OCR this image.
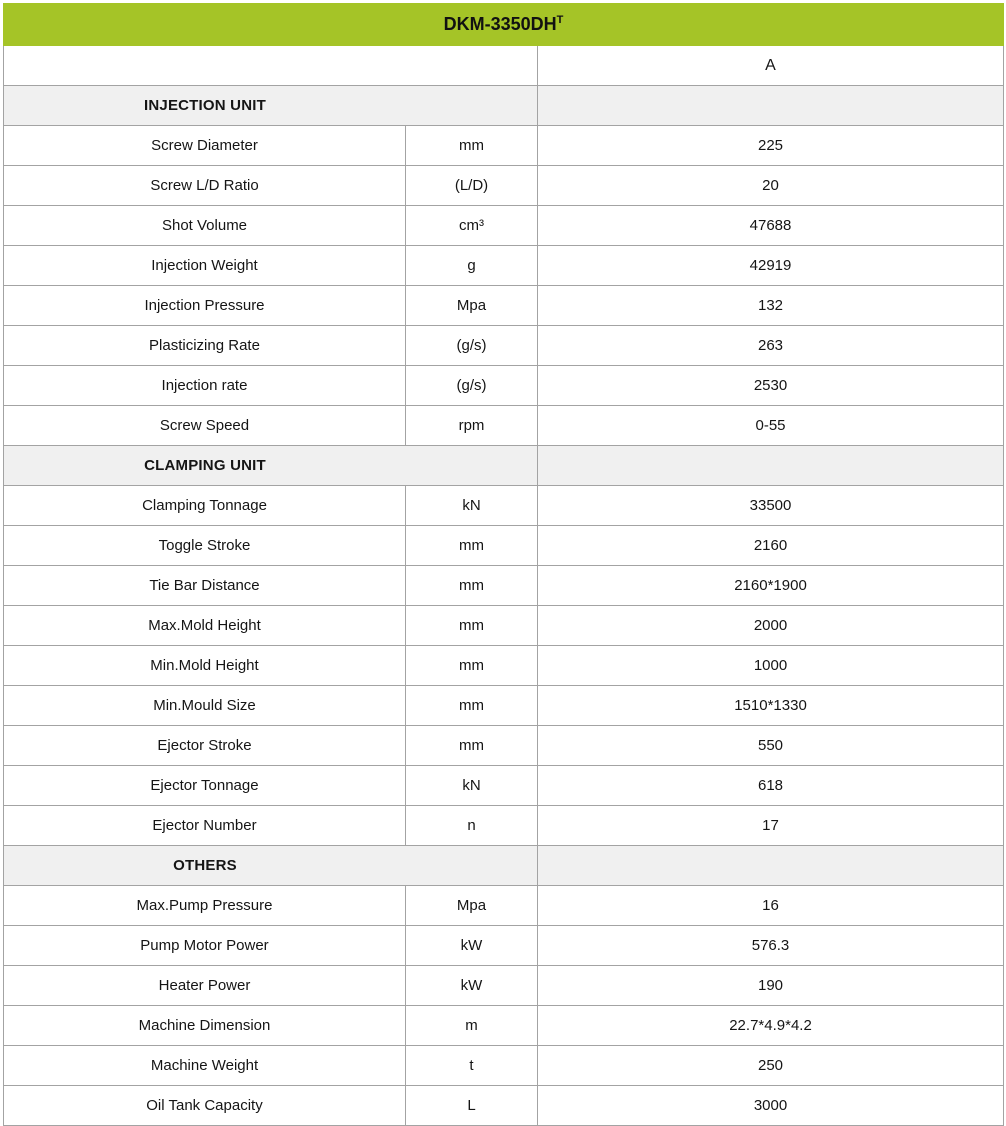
DKM-$3350DH^T$
		A

INJECTION UNIT		

Screw Diameter	mm	225
Screw L/D Ratio	(L/D)	20
Shot Volume	cm³	47688
Injection Weight	g	42919
Injection Pressure	Mpa	132
Plasticizing Rate	(g/s)	263
Injection rate	(g/s)	2530
Screw Speed	rpm	0-55

CLAMPING UNIT		

Clamping Tonnage	kN	33500
Toggle Stroke	mm	2160
Tie Bar Distance	mm	2160*1900
Max.Mold Height	mm	2000
Min.Mold Height	mm	1000
Min.Mould Size	mm	1510*1330
Ejector Stroke	mm	550
Ejector Tonnage	kN	618
Ejector Number	n	17

OTHERS		

Max.Pump Pressure	Mpa	16
Pump Motor Power	kW	576.3
Heater Power	kW	190
Machine Dimension	m	22.7*4.9*4.2
Machine Weight	t	250
Oil Tank Capacity	L	3000
